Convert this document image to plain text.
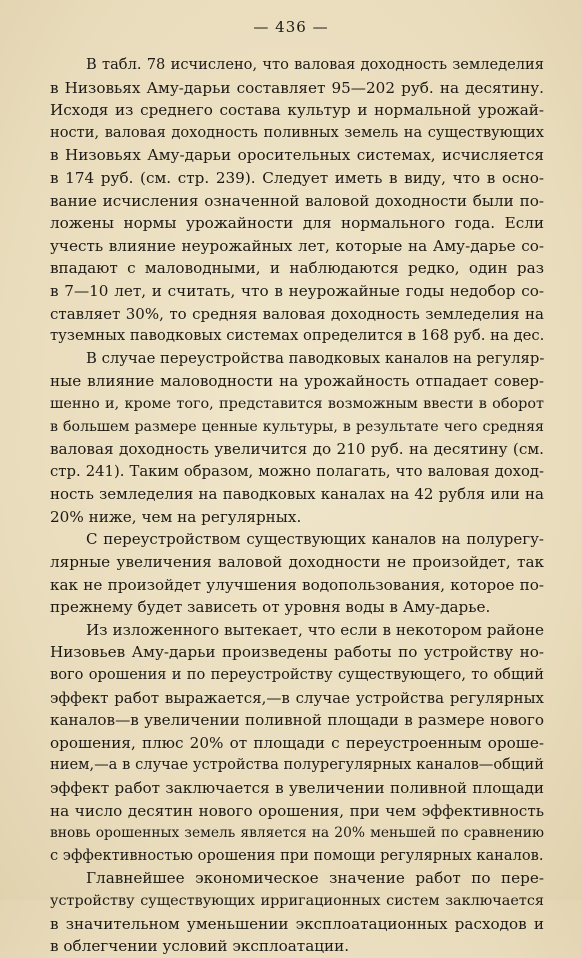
— 436 —
В табл. 78 исчислено, что валовая доходность земледелия
в Низовьях Аму-дарьи составляет 95—202 руб. на десятину.
Исходя из среднего состава культур и нормальной урожай-
ности, валовая доходность поливных земель на существующих
в Низовьях Аму-дарьи оросительных системах, исчисляется
в 174 руб. (см. стр. 239). Следует иметь в виду, что в осно-
вание исчисления означенной валовой доходности были по-
ложены нормы урожайности для нормального года. Если
учесть влияние неурожайных лет, которые на Аму-дарье со-
впадают с маловодными, и наблюдаются редко, один раз
в 7—10 лет, и считать, что в неурожайные годы недобор со-
ставляет 30%, то средняя валовая доходность земледелия на
туземных паводковых системах определится в 168 руб. на дес.
В случае переустройства паводковых каналов на регуляр-
ные влияние маловодности на урожайность отпадает совер-
шенно и, кроме того, представится возможным ввести в оборот
в большем размере ценные культуры, в результате чего средняя
валовая доходность увеличится до 210 руб. на десятину (см.
стр. 241). Таким образом, можно полагать, что валовая доход-
ность земледелия на паводковых каналах на 42 рубля или на
20% ниже, чем на регулярных.
С переустройством существующих каналов на полурегу-
лярные увеличения валовой доходности не произойдет, так
как не произойдет улучшения водопользования, которое по-
прежнему будет зависеть от уровня воды в Аму-дарье.
Из изложенного вытекает, что если в некотором районе
Низовьев Аму-дарьи произведены работы по устройству но-
вого орошения и по переустройству существующего, то общий
эффект работ выражается,—в случае устройства регулярных
каналов—в увеличении поливной площади в размере нового
орошения, плюс 20% от площади с переустроенным ороше-
нием,—а в случае устройства полурегулярных каналов—общий
эффект работ заключается в увеличении поливной площади
на число десятин нового орошения, при чем эффективность
вновь орошенных земель является на 20% меньшей по сравнению
с эффективностью орошения при помощи регулярных каналов.
Главнейшее экономическое значение работ по пере-
устройству существующих ирригационных систем заключается
в значительном уменьшении эксплоатационных расходов и
в облегчении условий эксплоатации.
